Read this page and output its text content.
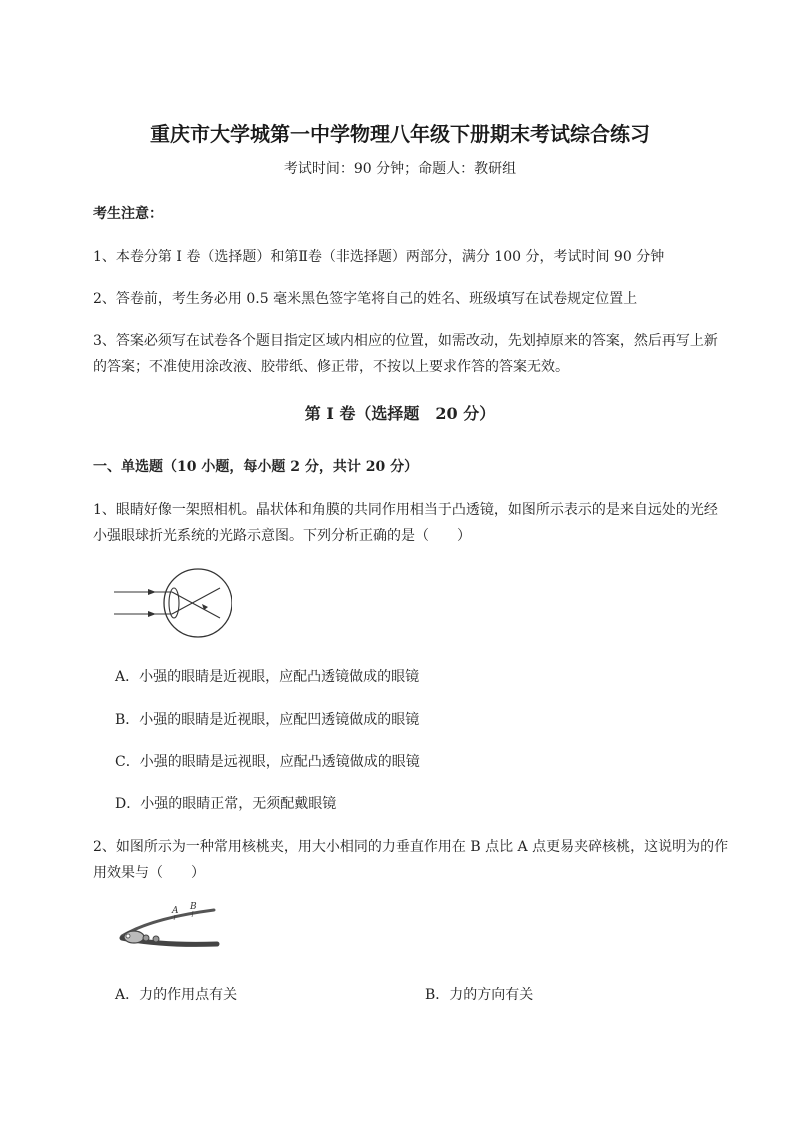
重庆市大学城第一中学物理八年级下册期末考试综合练习
考试时间：90 分钟；命题人：教研组
考生注意：
1、本卷分第 I 卷（选择题）和第Ⅱ卷（非选择题）两部分，满分 100 分，考试时间 90 分钟
2、答卷前，考生务必用 0.5 毫米黑色签字笔将自己的姓名、班级填写在试卷规定位置上
3、答案必须写在试卷各个题目指定区域内相应的位置，如需改动，先划掉原来的答案，然后再写上新
的答案；不准使用涂改液、胶带纸、修正带，不按以上要求作答的答案无效。
第 I 卷（选择题　20 分）
一、单选题（10 小题，每小题 2 分，共计 20 分）
1、眼睛好像一架照相机。晶状体和角膜的共同作用相当于凸透镜，如图所示表示的是来自远处的光经
小强眼球折光系统的光路示意图。下列分析正确的是（　　）
A．小强的眼睛是近视眼，应配凸透镜做成的眼镜
B．小强的眼睛是近视眼，应配凹透镜做成的眼镜
C．小强的眼睛是远视眼，应配凸透镜做成的眼镜
D．小强的眼睛正常，无须配戴眼镜
2、如图所示为一种常用核桃夹，用大小相同的力垂直作用在 B 点比 A 点更易夹碎核桃，这说明为的作
用效果与（　　）
A B
A．力的作用点有关	B．力的方向有关
